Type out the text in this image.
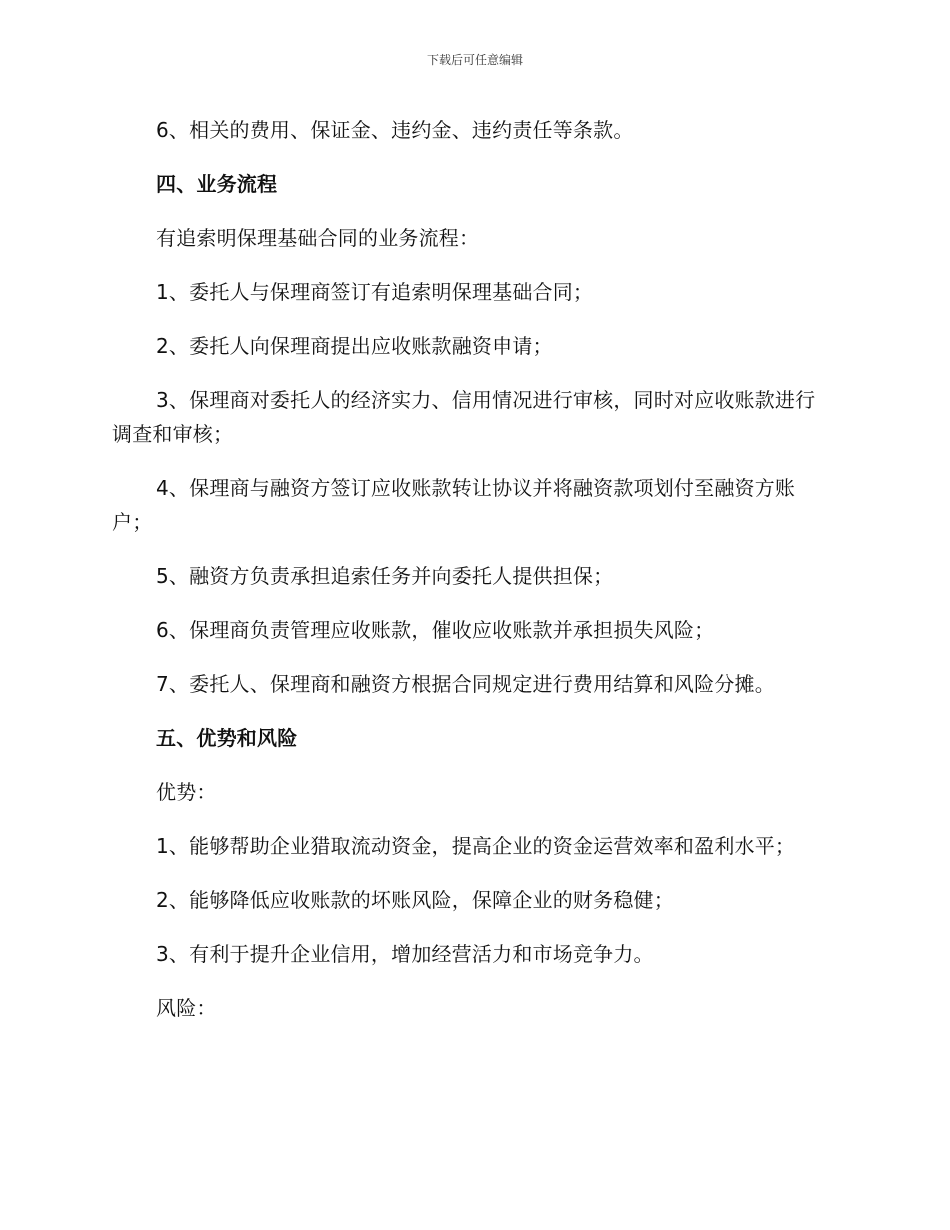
下载后可任意编辑

6、相关的费用、保证金、违约金、违约责任等条款。

四、业务流程

有追索明保理基础合同的业务流程：

1、委托人与保理商签订有追索明保理基础合同；

2、委托人向保理商提出应收账款融资申请；

3、保理商对委托人的经济实力、信用情况进行审核，同时对应收账款进行调查和审核；

4、保理商与融资方签订应收账款转让协议并将融资款项划付至融资方账户；

5、融资方负责承担追索任务并向委托人提供担保；

6、保理商负责管理应收账款，催收应收账款并承担损失风险；

7、委托人、保理商和融资方根据合同规定进行费用结算和风险分摊。

五、优势和风险

优势：

1、能够帮助企业猎取流动资金，提高企业的资金运营效率和盈利水平；

2、能够降低应收账款的坏账风险，保障企业的财务稳健；

3、有利于提升企业信用，增加经营活力和市场竞争力。

风险：
